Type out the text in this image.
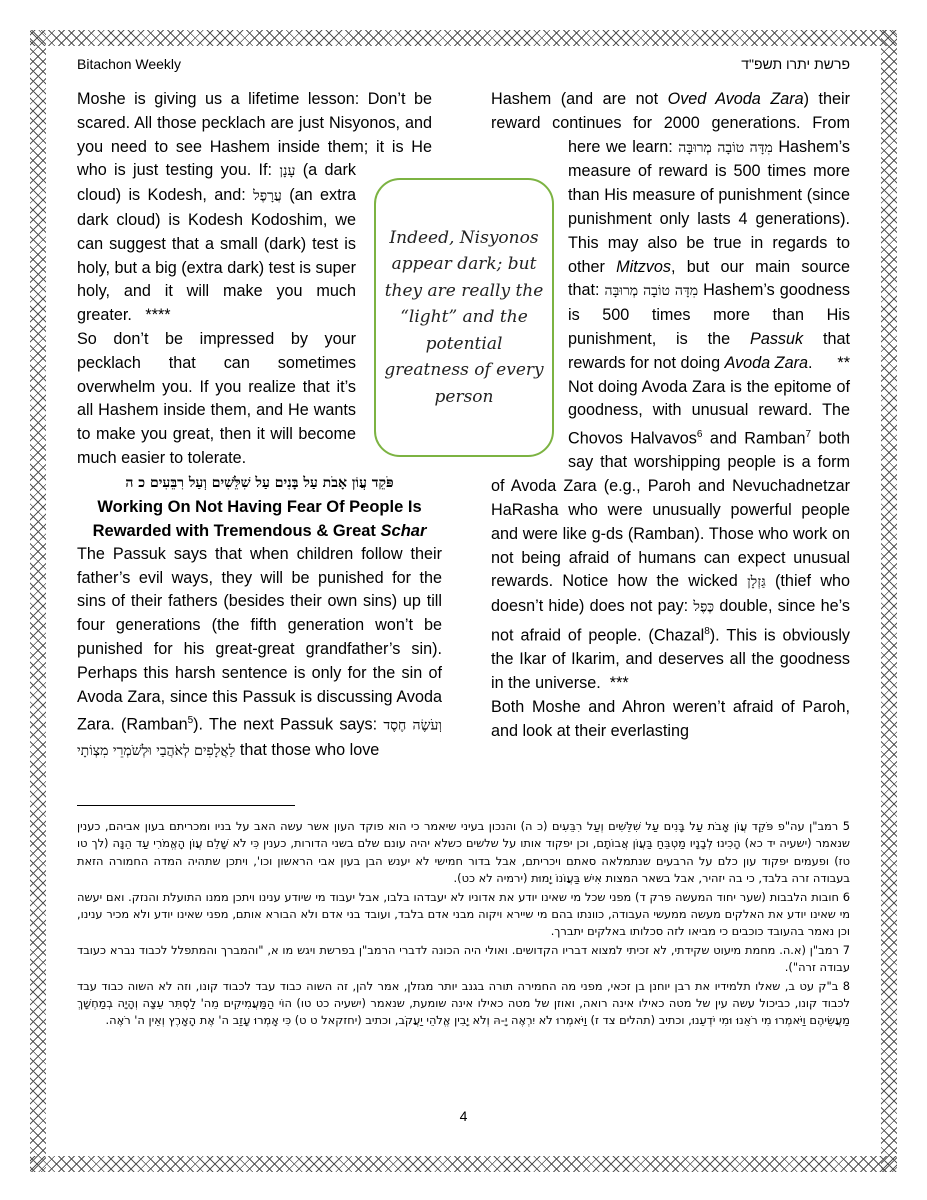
Bitachon Weekly	פרשת יתרו תשפ"ד

Moshe is giving us a lifetime lesson: Don’t be scared. All those pecklach are just Nisyonos, and you need to see Hashem inside them; it is He who is just testing you. If: עָנָן (a dark cloud) is Kodesh, and: עֲרָפֶל (an extra dark cloud) is Kodesh Kodoshim, we can suggest that a small (dark) test is holy, but a big (extra dark) test is super holy, and it will make you much greater. ****

So don’t be impressed by your pecklach that can sometimes overwhelm you. If you realize that it’s all Hashem inside them, and He wants to make you great, then it will become much easier to tolerate.

פֹּקֵד עֲוֹן אָבֹת עַל בָּנִים עַל שִׁלֵּשִׁים וְעַל רִבֵּעִים כ ה
Working On Not Having Fear Of People Is
Rewarded with Tremendous & Great Schar

The Passuk says that when children follow their father’s evil ways, they will be punished for the sins of their fathers (besides their own sins) up till four generations (the fifth generation won’t be punished for his great-great grandfather’s sin). Perhaps this harsh sentence is only for the sin of Avoda Zara, since this Passuk is discussing Avoda Zara. (Ramban$^5$). The next Passuk says: וְעֹשֶׂה חֶסֶד לַאֲלָפִים לְאֹהֲבַי וּלְשֹׁמְרֵי מִצְוֹתָי that those who love

Indeed, Nisyonos appear dark; but they are really the “light” and the potential greatness of every person

Hashem (and are not Oved Avoda Zara) their reward continues for 2000 generations. From here we learn: מִדָּה טוֹבָה מְרוּבָּה Hashem’s measure of reward is 500 times more than His measure of punishment (since punishment only lasts 4 generations). This may also be true in regards to other Mitzvos, but our main source that: מִדָּה טוֹבָה מְרוּבָּה Hashem’s goodness is 500 times more than His punishment, is the Passuk that rewards for not doing Avoda Zara. **

Not doing Avoda Zara is the epitome of goodness, with unusual reward. The Chovos Halvavos$^6$ and Ramban$^7$ both say that worshipping people is a form of Avoda Zara (e.g., Paroh and Nevuchadnetzar HaRasha who were unusually powerful people and were like g-ds (Ramban). Those who work on not being afraid of humans can expect unusual rewards. Notice how the wicked גַּזְלָן (thief who doesn’t hide) does not pay: כֶּפֶל double, since he’s not afraid of people. (Chazal$^8$). This is obviously the Ikar of Ikarim, and deserves all the goodness in the universe. ***

Both Moshe and Ahron weren’t afraid of Paroh, and look at their everlasting

5 רמב"ן עה"פ פֹּקֵד עֲוֹן אָבֹת עַל בָּנִים עַל שִׁלֵּשִׁים וְעַל רִבֵּעִים (כ ה) והנכון בעיני שיאמר כי הוא פוקד העון אשר עשה האב על בניו ומכריתם בעון אביהם, כענין שנאמר (ישעיה יד כא) הָכִינוּ לְבָנָיו מַטְבֵּחַ בַּעֲוֹן אֲבוֹתָם, וכן יפקוד אותו על שלשים כשלא יהיה עונם שלם בשני הדורות, כענין כִּי לֹא שָׁלֵם עֲוֹן הָאֱמֹרִי עַד הֵנָּה (לך טו טז) ופעמים יפקוד עון כלם על הרבעים שנתמלאה סאתם ויכריתם, אבל בדור חמישי לא יענש הבן בעון אבי הראשון וכו', ויתכן שתהיה המדה החמורה הזאת בעבודה זרה בלבד, כי בה יזהיר, אבל בשאר המצות אִישׁ בַּעֲוֹנוֹ יָמוּת (ירמיה לא כט).

6 חובות הלבבות (שער יחוד המעשה פרק ד) מפני שכל מי שאינו יודע את אדוניו לא יעבדהו בלבו, אבל יעבוד מי שיודע ענינו ויתכן ממנו התועלת והנזק. ואם יעשה מי שאינו יודע את האלקים מעשה ממעשי העבודה, כוונתו בהם מי שיירא ויקוה מבני אדם בלבד, ועובד בני אדם ולא הבורא אותם, מפני שאינו יודע ולא מכיר ענינו, וכן נאמר בהעובד כוכבים כי מביאו לזה סכלותו באלקים יתברך.

7 רמב"ן (א.ה. מחמת מיעוט שקידתי, לא זכיתי למצוא דבריו הקדושים. ואולי היה הכונה לדברי הרמב"ן בפרשת ויגש מו א, "והמברך והמתפלל לכבוד נברא כעובד עבודה זרה").

8 ב"ק עט ב, שאלו תלמידיו את רבן יוחנן בן זכאי, מפני מה החמירה תורה בגנב יותר מגזלן, אמר להן, זה השוה כבוד עבד לכבוד קונו, וזה לא השוה כבוד עבד לכבוד קונו, כביכול עשה עין של מטה כאילו אינה רואה, ואוזן של מטה כאילו אינה שומעת, שנאמר (ישעיה כט טו) הוֹי הַמַּעֲמִיקִים מֵה' לַסְתִּר עֵצָה וְהָיָה בְמַחְשָׁךְ מַעֲשֵׂיהֶם וַיֹּאמְרוּ מִי רֹאֵנוּ וּמִי יֹדְעֵנוּ, וכתיב (תהלים צד ז) וַיֹּאמְרוּ לֹא יִרְאֶה יָ-הּ וְלֹא יָבִין אֱלֹהֵי יַעֲקֹב, וכתיב (יחזקאל ט ט) כִּי אָמְרוּ עָזַב ה' אֶת הָאָרֶץ וְאֵין ה' רֹאֶה.

4
